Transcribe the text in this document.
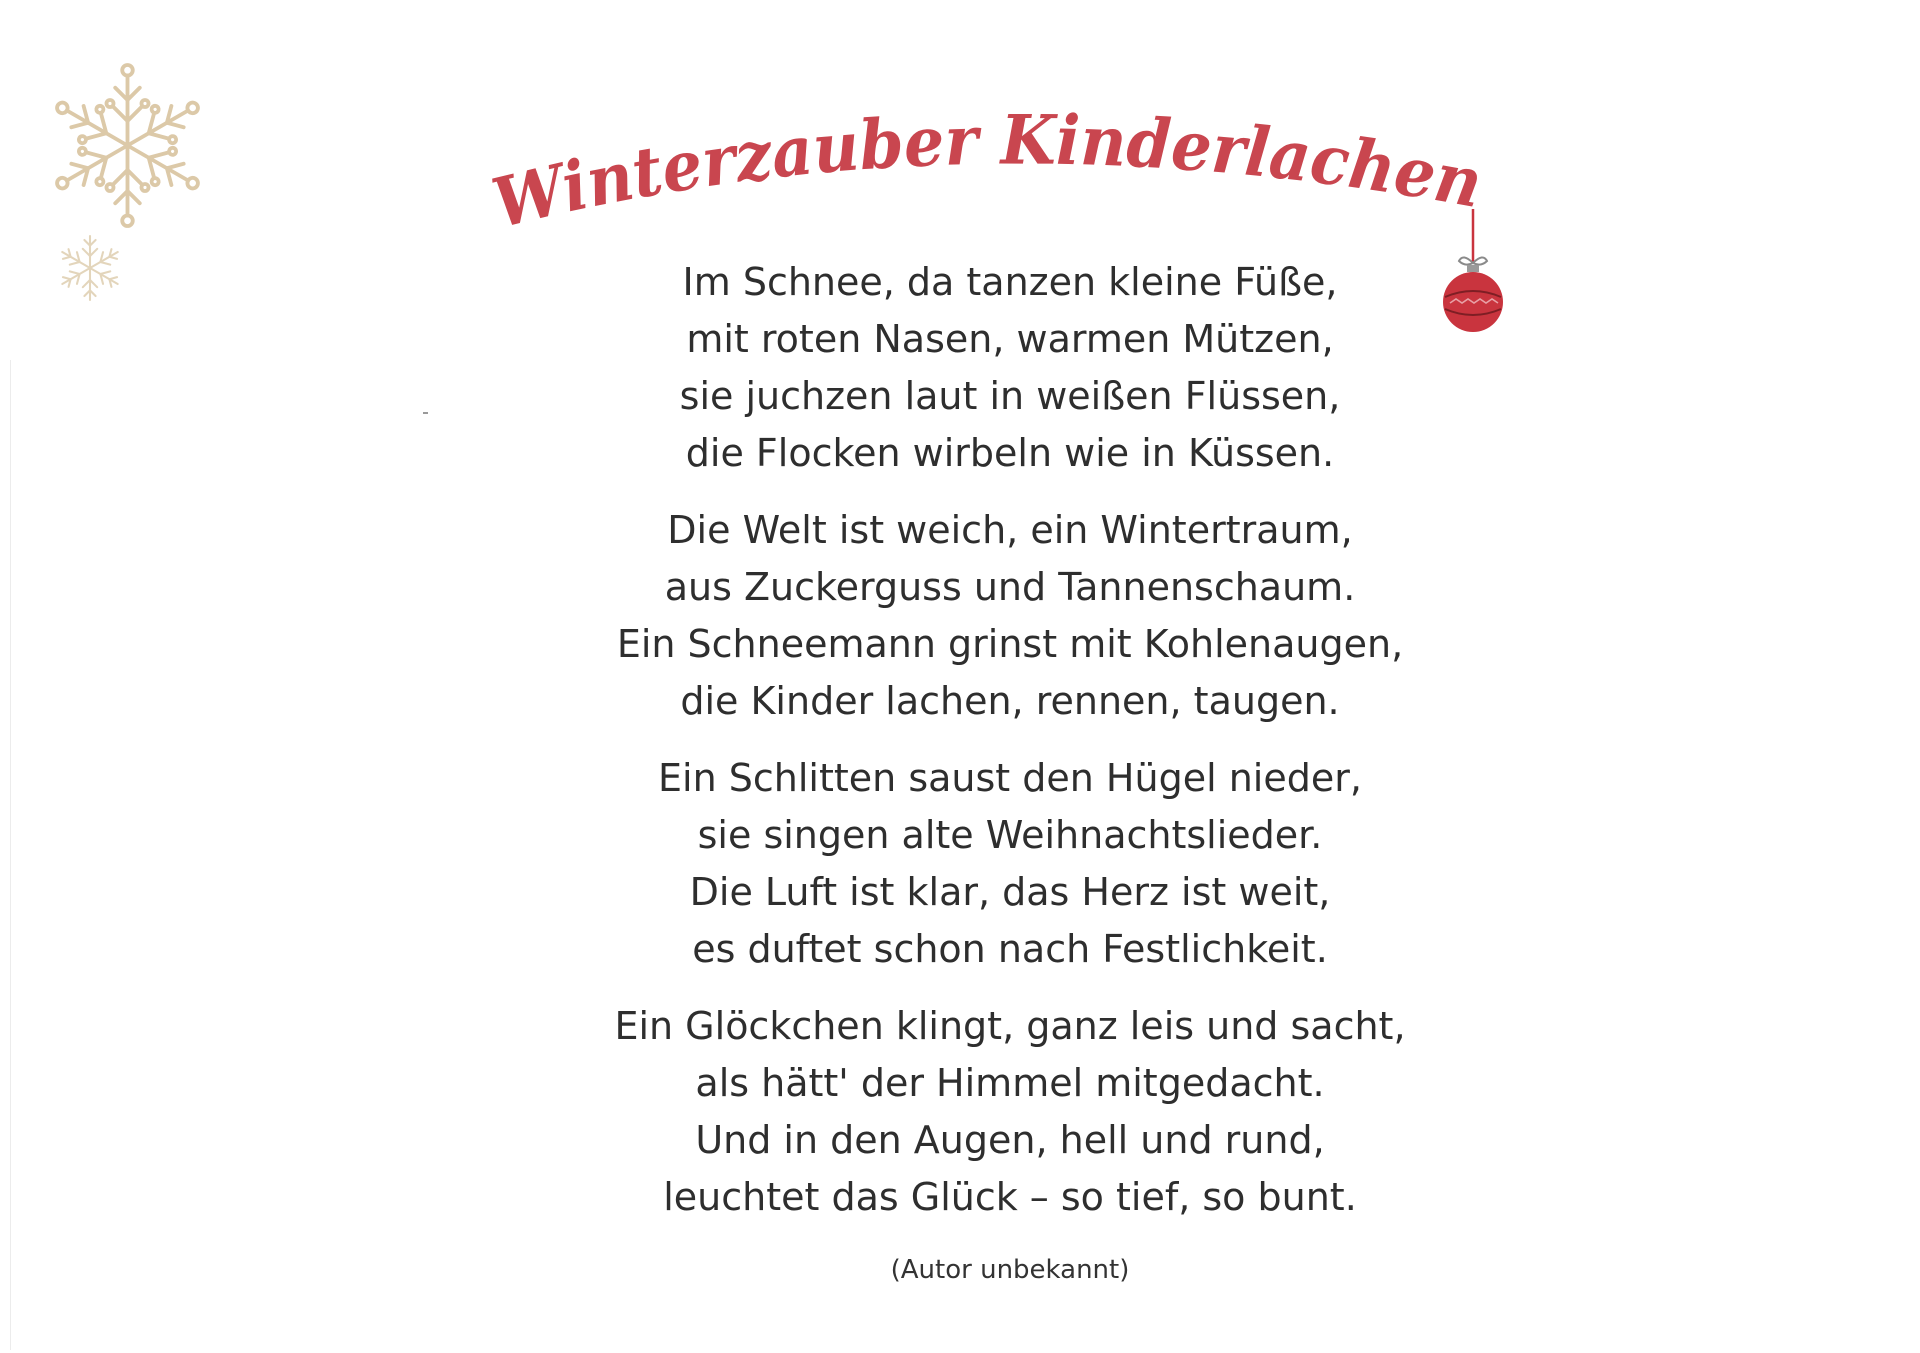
Winterzauber Kinderlachen
Im Schnee, da tanzen kleine Füße,
mit roten Nasen, warmen Mützen,
sie juchzen laut in weißen Flüssen,
die Flocken wirbeln wie in Küssen.
Die Welt ist weich, ein Wintertraum,
aus Zuckerguss und Tannenschaum.
Ein Schneemann grinst mit Kohlenaugen,
die Kinder lachen, rennen, taugen.
Ein Schlitten saust den Hügel nieder,
sie singen alte Weihnachtslieder.
Die Luft ist klar, das Herz ist weit,
es duftet schon nach Festlichkeit.
Ein Glöckchen klingt, ganz leis und sacht,
als hätt' der Himmel mitgedacht.
Und in den Augen, hell und rund,
leuchtet das Glück – so tief, so bunt.
(Autor unbekannt)
